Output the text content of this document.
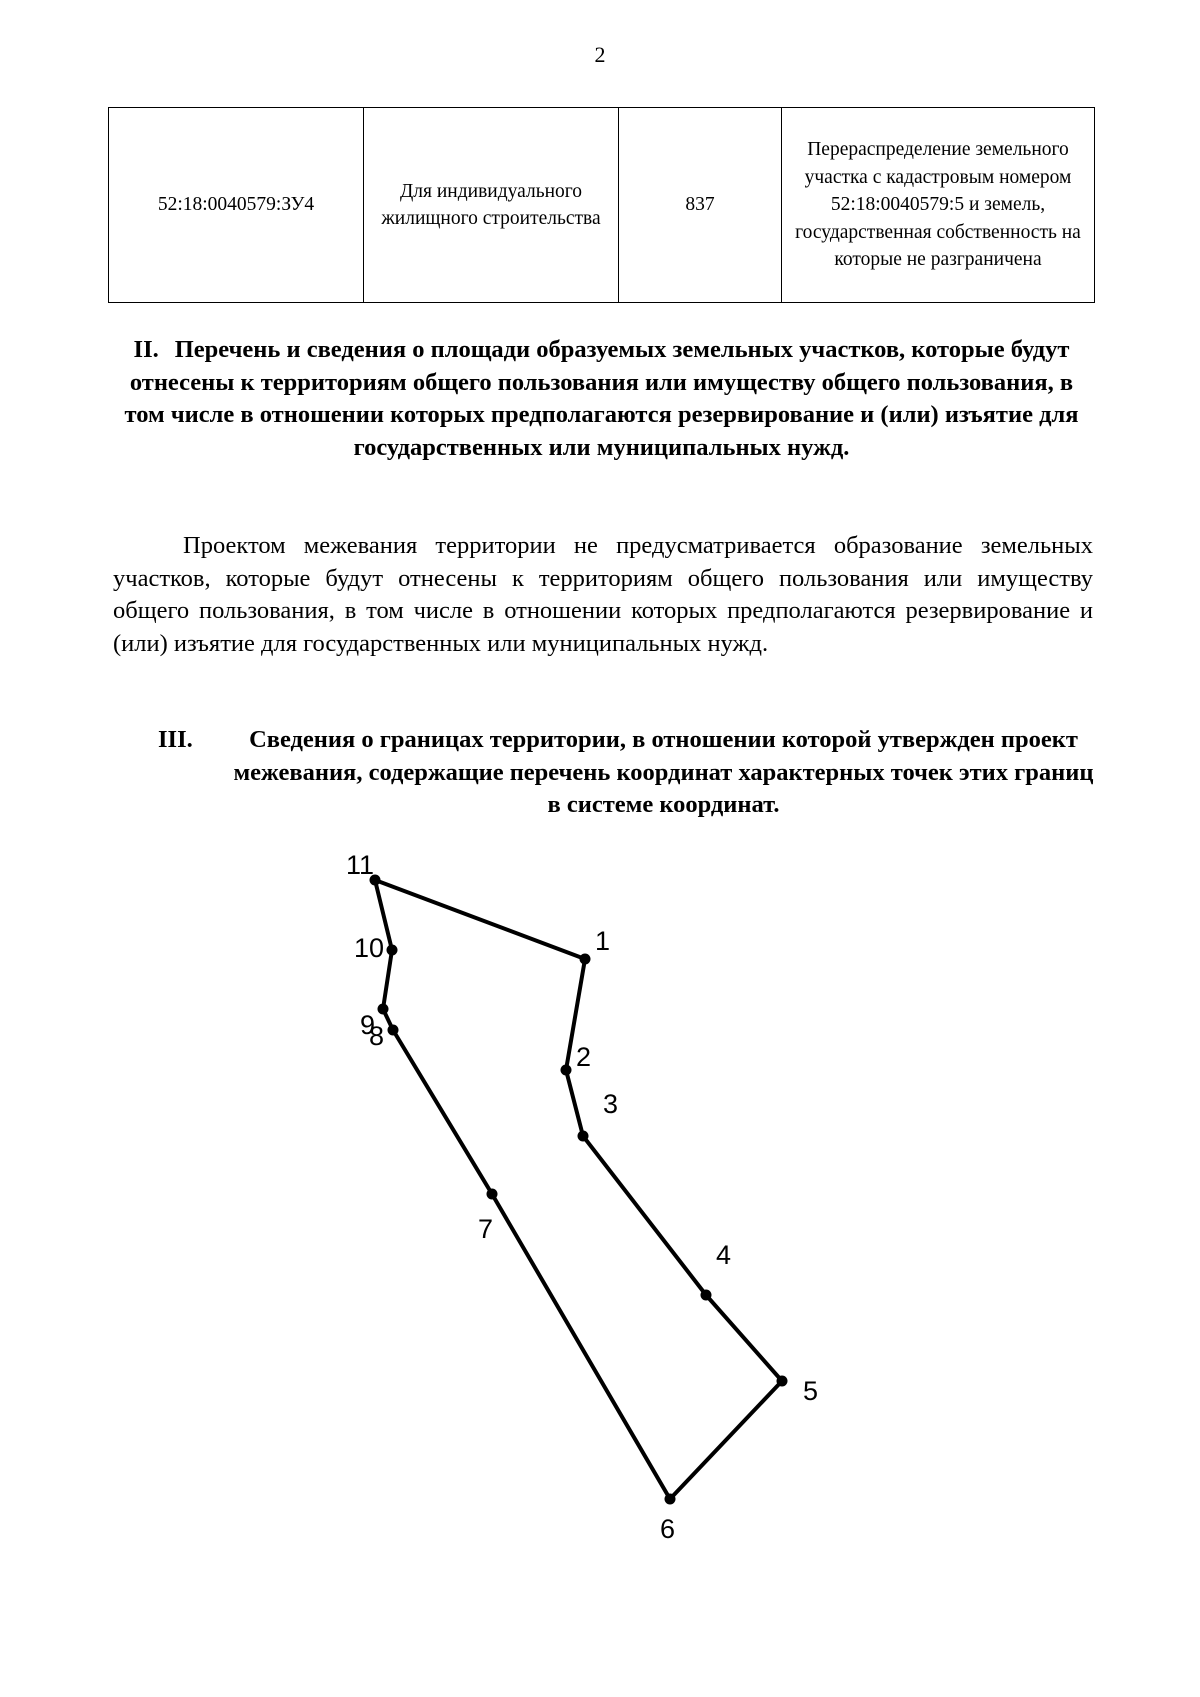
2
52:18:0040579:ЗУ4	Для индивидуального жилищного строительства	837	Перераспределение земельного участка с кадастровым номером 52:18:0040579:5 и земель, государственная собственность на которые не разграничена
II. Перечень и сведения о площади образуемых земельных участков, которые будут отнесены к территориям общего пользования или имуществу общего пользования, в том числе в отношении которых предполагаются резервирование и (или) изъятие для государственных или муниципальных нужд.

Проектом межевания территории не предусматривается образование земельных участков, которые будут отнесены к территориям общего пользования или имуществу общего пользования, в том числе в отношении которых предполагаются резервирование и (или) изъятие для государственных или муниципальных нужд.

III.	Сведения о границах территории, в отношении которой утвержден проект межевания, содержащие перечень координат характерных точек этих границ в системе координат.
1
2
3
4
5
6
7
8
9
10
11
